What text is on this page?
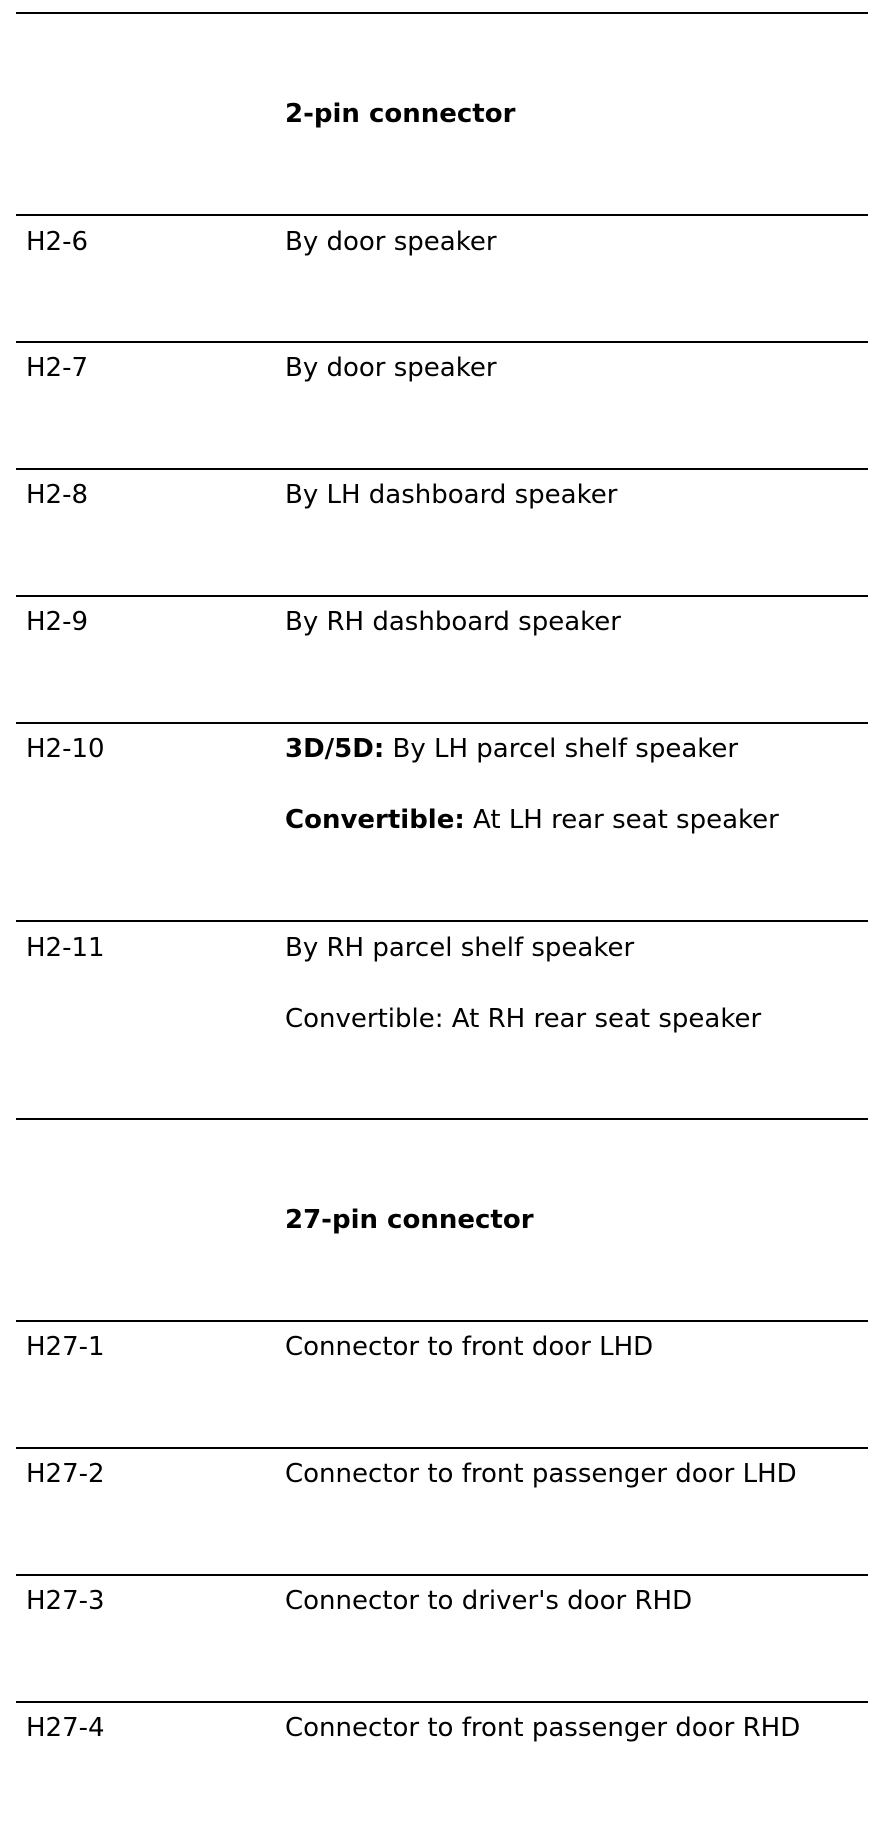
2-pin connector
H2-6	By door speaker
H2-7	By door speaker
H2-8	By LH dashboard speaker
H2-9	By RH dashboard speaker
H2-10	3D/5D: By LH parcel shelf speaker
Convertible: At LH rear seat speaker
H2-11	By RH parcel shelf speaker
Convertible: At RH rear seat speaker
27-pin connector
H27-1	Connector to front door LHD
H27-2	Connector to front passenger door LHD
H27-3	Connector to driver's door RHD
H27-4	Connector to front passenger door RHD
